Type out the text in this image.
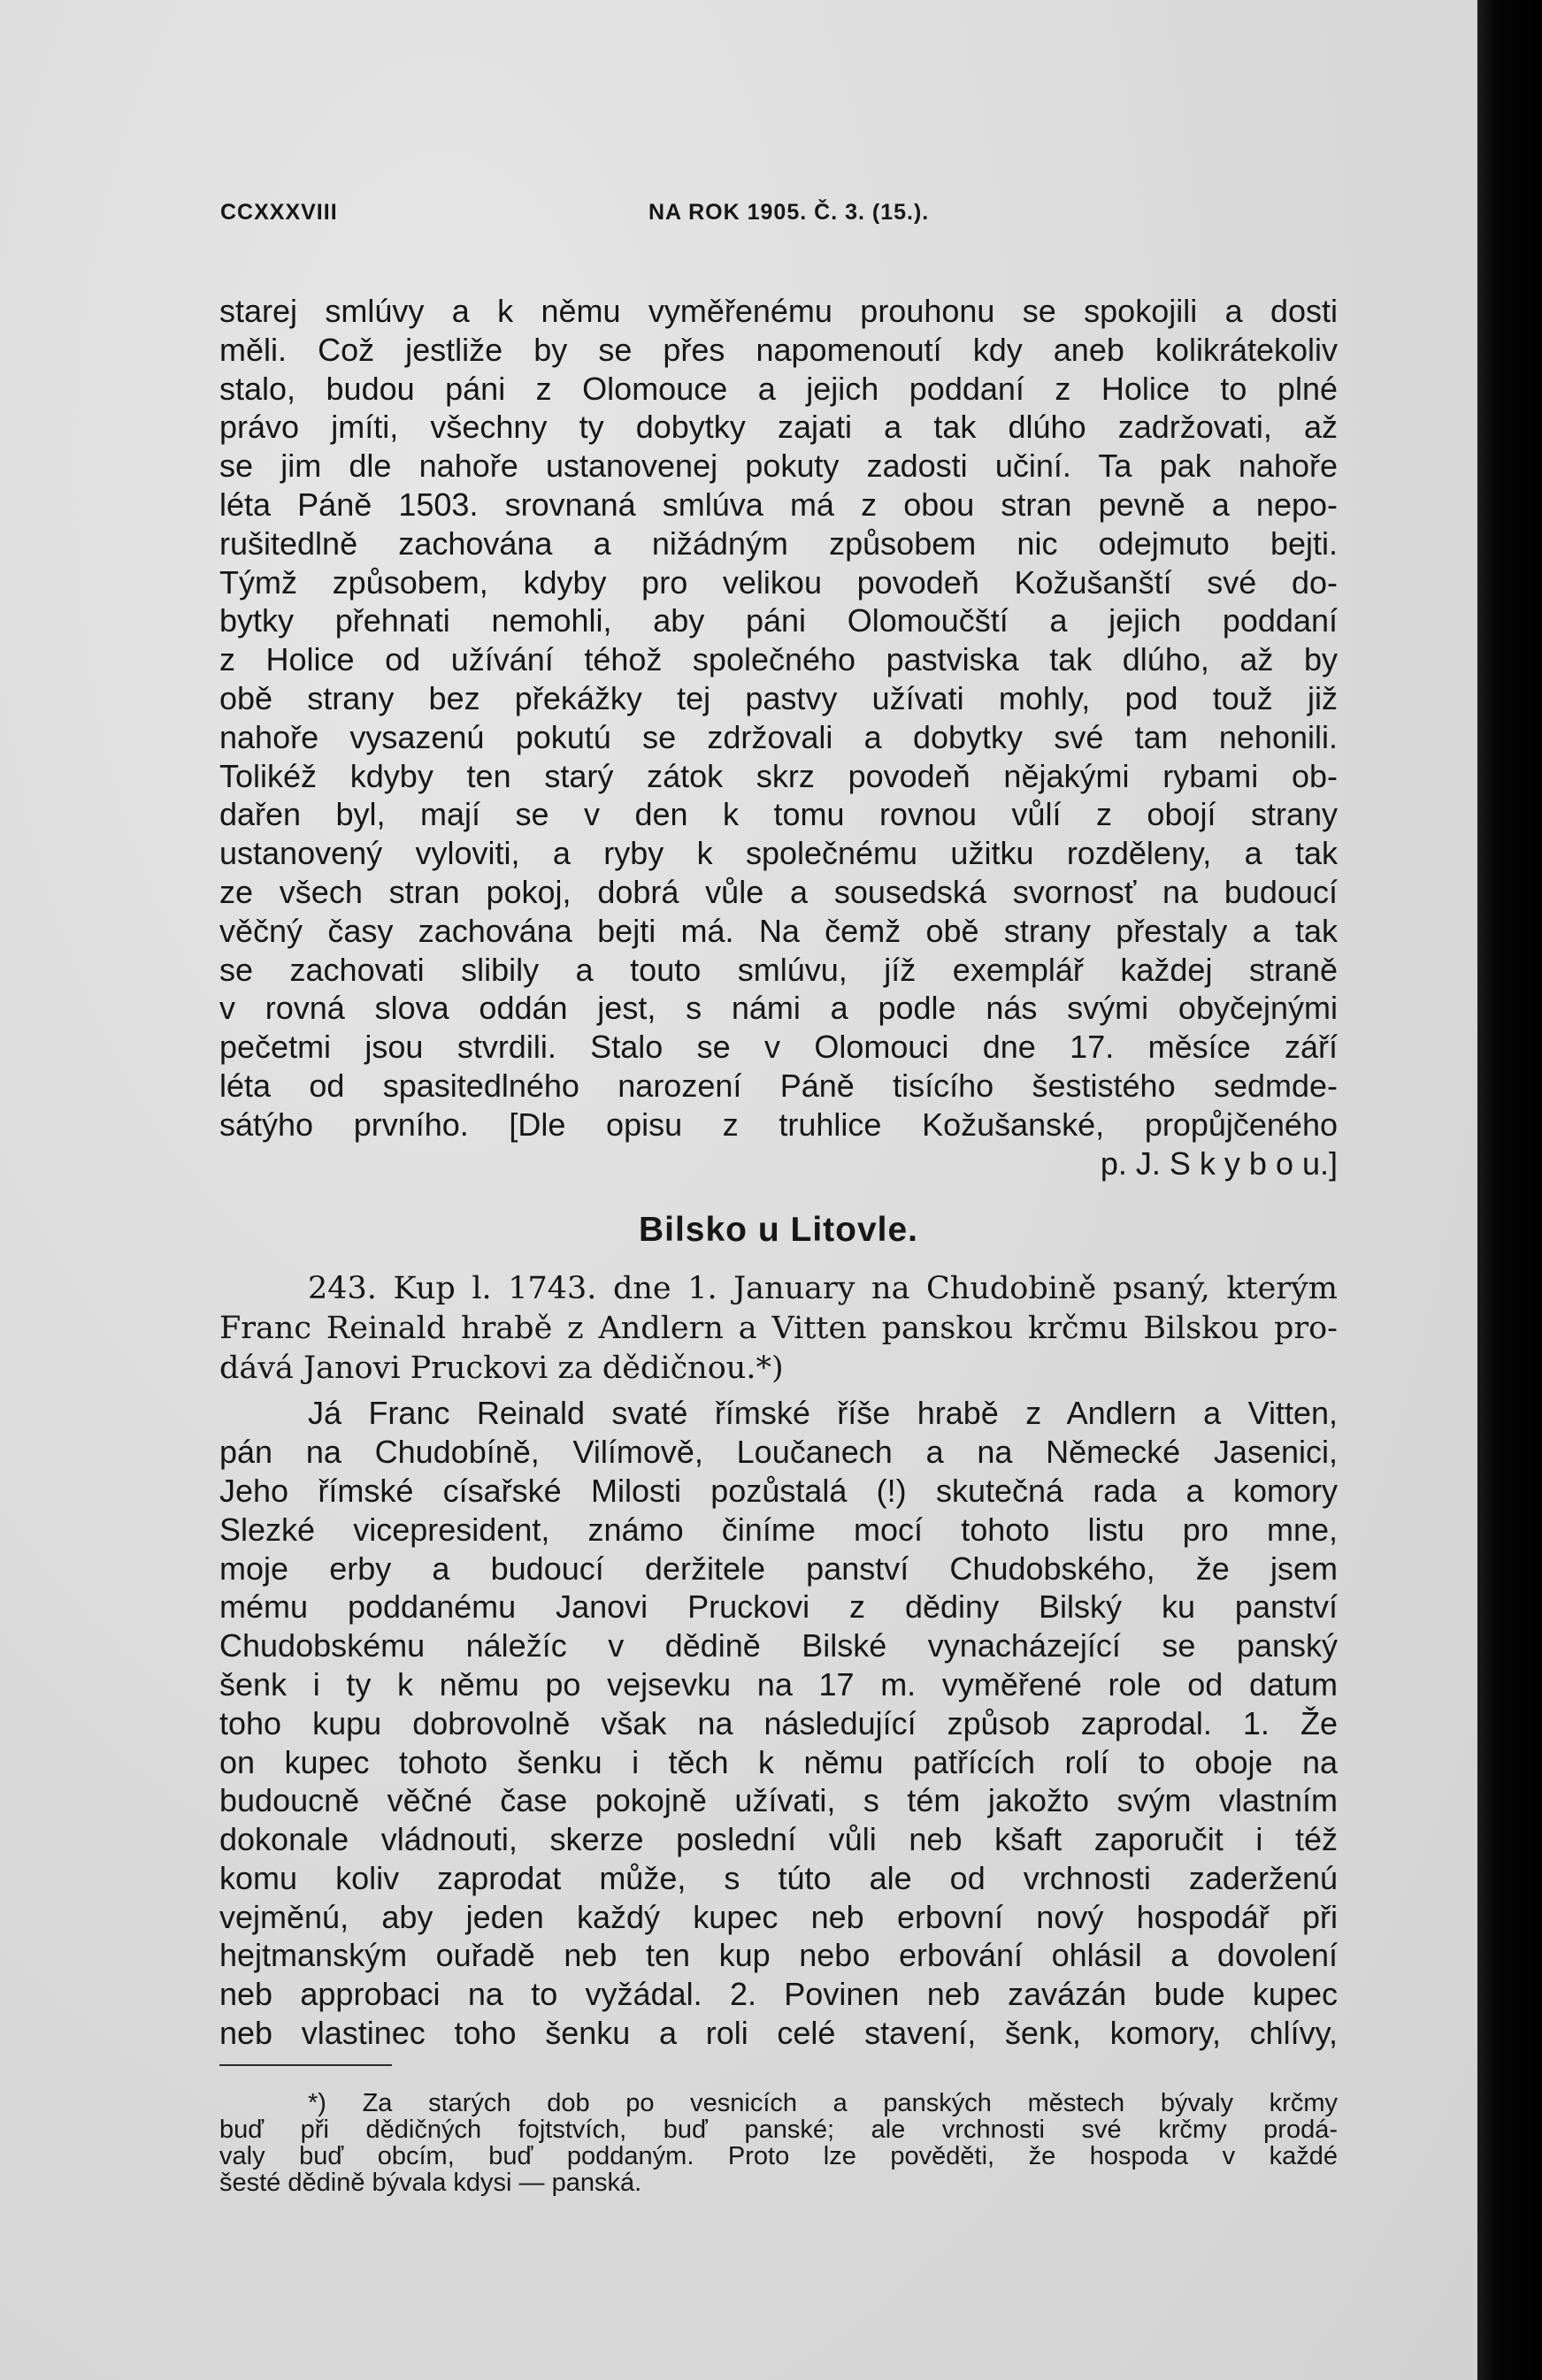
CCXXXVIII	NA ROK 1905. Č. 3. (15.).
starej smlúvy a k němu vyměřenému prouhonu se spokojili a dosti
měli. Což jestliže by se přes napomenoutí kdy aneb kolikrátekoliv
stalo, budou páni z Olomouce a jejich poddaní z Holice to plné
právo jmíti, všechny ty dobytky zajati a tak dlúho zadržovati, až
se jim dle nahoře ustanovenej pokuty zadosti učiní. Ta pak nahoře
léta Páně 1503. srovnaná smlúva má z obou stran pevně a nepo-
rušitedlně zachována a nižádným způsobem nic odejmuto bejti.
Týmž způsobem, kdyby pro velikou povodeň Kožušanští své do-
bytky přehnati nemohli, aby páni Olomoučští a jejich poddaní
z Holice od užívání téhož společného pastviska tak dlúho, až by
obě strany bez překážky tej pastvy užívati mohly, pod touž již
nahoře vysazenú pokutú se zdržovali a dobytky své tam nehonili.
Tolikéž kdyby ten starý zátok skrz povodeň nějakými rybami ob-
dařen byl, mají se v den k tomu rovnou vůlí z obojí strany
ustanovený vyloviti, a ryby k společnému užitku rozděleny, a tak
ze všech stran pokoj, dobrá vůle a sousedská svornosť na budoucí
věčný časy zachována bejti má. Na čemž obě strany přestaly a tak
se zachovati slibily a touto smlúvu, jíž exemplář každej straně
v rovná slova oddán jest, s námi a podle nás svými obyčejnými
pečetmi jsou stvrdili. Stalo se v Olomouci dne 17. měsíce září
léta od spasitedlného narození Páně tisícího šestistého sedmde-
sátýho prvního. [Dle opisu z truhlice Kožušanské, propůjčeného
p. J. S k y b o u.]
Bilsko u Litovle.
243. Kup l. 1743. dne 1. January na Chudobině psaný, kterým
Franc Reinald hrabě z Andlern a Vitten panskou krčmu Bilskou pro-
dává Janovi Pruckovi za dědičnou.*)
Já Franc Reinald svaté římské říše hrabě z Andlern a Vitten,
pán na Chudobíně, Vilímově, Loučanech a na Německé Jasenici,
Jeho římské císařské Milosti pozůstalá (!) skutečná rada a komory
Slezké vicepresident, známo činíme mocí tohoto listu pro mne,
moje erby a budoucí deržitele panství Chudobského, že jsem
mému poddanému Janovi Pruckovi z dědiny Bilský ku panství
Chudobskému náležíc v dědině Bilské vynacházející se panský
šenk i ty k němu po vejsevku na 17 m. vyměřené role od datum
toho kupu dobrovolně však na následující způsob zaprodal. 1. Že
on kupec tohoto šenku i těch k němu patřících rolí to oboje na
budoucně věčné čase pokojně užívati, s tém jakožto svým vlastním
dokonale vládnouti, skerze poslední vůli neb kšaft zaporučit i též
komu koliv zaprodat může, s túto ale od vrchnosti zaderženú
vejměnú, aby jeden každý kupec neb erbovní nový hospodář při
hejtmanským ouřadě neb ten kup nebo erbování ohlásil a dovolení
neb approbaci na to vyžádal. 2. Povinen neb zavázán bude kupec
neb vlastinec toho šenku a roli celé stavení, šenk, komory, chlívy,
*) Za starých dob po vesnicích a panských městech bývaly krčmy
buď při dědičných fojtstvích, buď panské; ale vrchnosti své krčmy prodá-
valy buď obcím, buď poddaným. Proto lze pověděti, že hospoda v každé
šesté dědině bývala kdysi — panská.
